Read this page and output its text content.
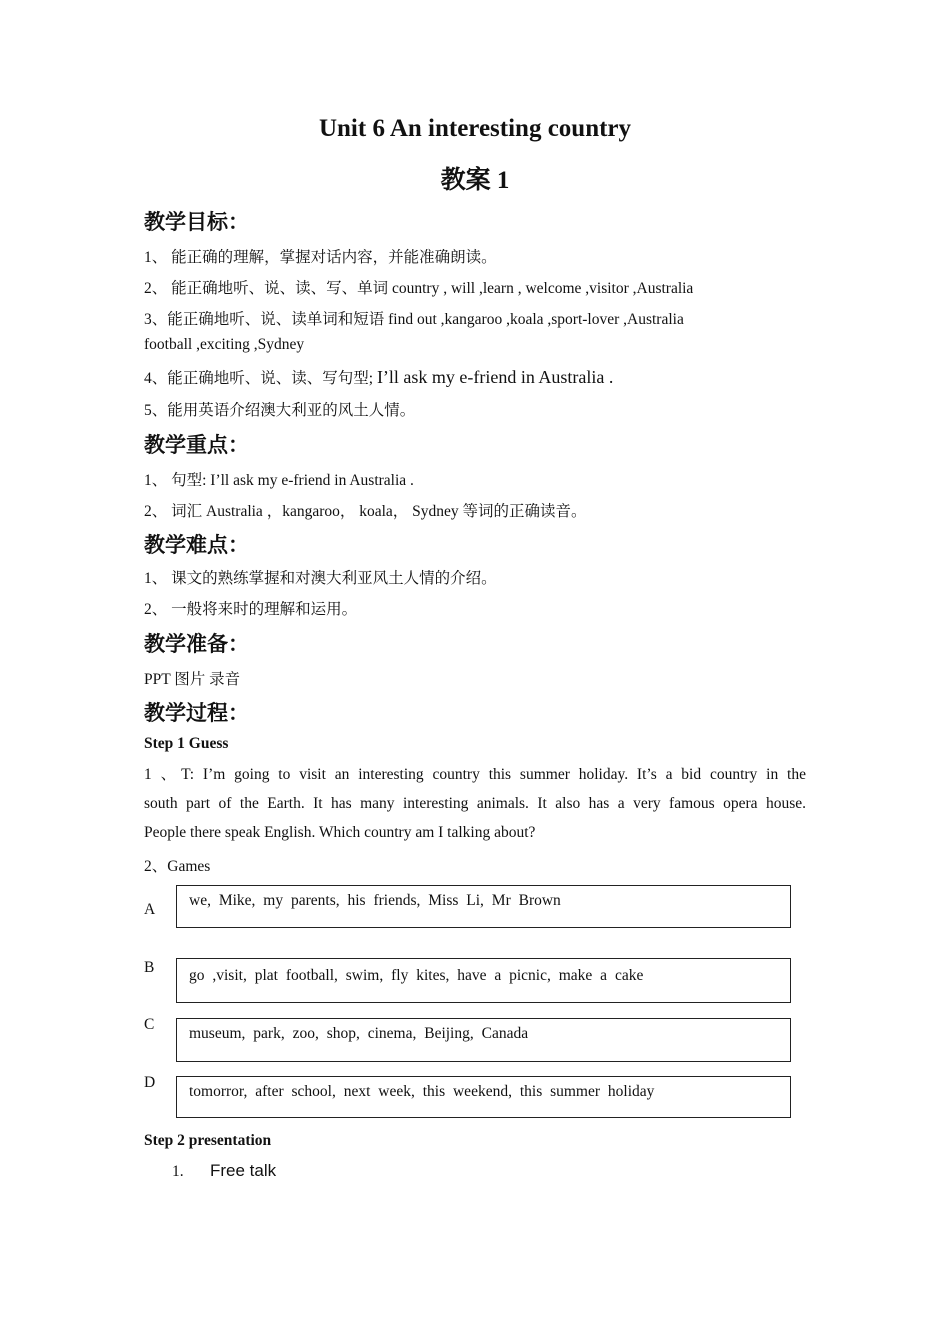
Unit 6 An interesting country
教案 1
教学目标：
1、 能正确的理解，掌握对话内容，并能准确朗读。
2、 能正确地听、说、读、写、单词 country , will ,learn , welcome ,visitor ,Australia
3、能正确地听、说、读单词和短语 find out ,kangaroo ,koala ,sport-lover ,Australia
football ,exciting ,Sydney
4、能正确地听、说、读、写句型; I’ll ask my e-friend in Australia .
5、能用英语介绍澳大利亚的风土人情。
教学重点：
1、 句型: I’ll ask my e-friend in Australia .
2、 词汇 Australia ，kangaroo， koala， Sydney 等词的正确读音。
教学难点：
1、 课文的熟练掌握和对澳大利亚风土人情的介绍。
2、 一般将来时的理解和运用。
教学准备：
PPT 图片 录音
教学过程：
Step 1 Guess
1 、T: I’m going to visit an interesting country this summer holiday. It’s a bid country in the
south part of the Earth. It has many interesting animals. It also has a very famous opera house.
People there speak English. Which country am I talking about?
2、Games
A
we, Mike, my parents, his friends, Miss Li, Mr Brown
B	go ,visit, plat football, swim, fly kites, have a picnic, make a cake
C
museum, park, zoo, shop, cinema, Beijing, Canada
D
tomorror, after school, next week, this weekend, this summer holiday
Step 2 presentation
1. Free talk
